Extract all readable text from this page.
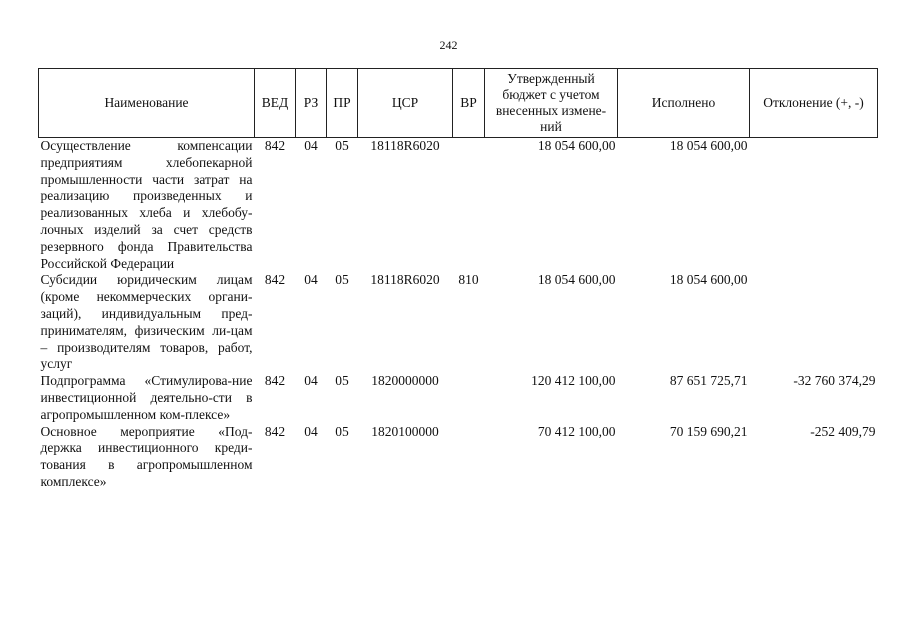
242
Наименование	ВЕД	РЗ	ПР	ЦСР	ВР	Утвержденный бюджет с учетом внесенных измене-ний	Исполнено	Отклонение (+, -)
Осуществление компенсации предприятиям хлебопекарной промышленности части затрат на реализацию произведенных и реализованных хлеба и хлебобу-лочных изделий за счет средств резервного фонда Правительства Российской Федерации	842	04	05	18118R6020		18 054 600,00	18 054 600,00	
Субсидии юридическим лицам (кроме некоммерческих органи-заций), индивидуальным пред-принимателям, физическим ли-цам – производителям товаров, работ, услуг	842	04	05	18118R6020	810	18 054 600,00	18 054 600,00	
Подпрограмма «Стимулирова-ние инвестиционной деятельно-сти в агропромышленном ком-плексе»	842	04	05	1820000000		120 412 100,00	87 651 725,71	-32 760 374,29
Основное мероприятие «Под-держка инвестиционного креди-тования в агропромышленном комплексе»	842	04	05	1820100000		70 412 100,00	70 159 690,21	-252 409,79
